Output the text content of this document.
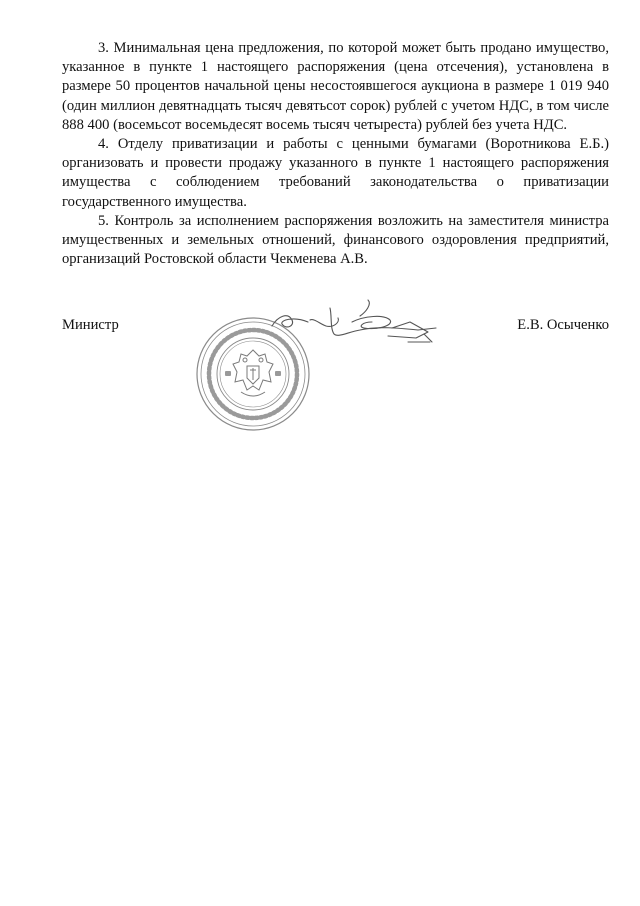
3. Минимальная цена предложения, по которой может быть продано имущество, указанное в пункте 1 настоящего распоряжения (цена отсечения), установлена в размере 50 процентов начальной цены несостоявшегося аукциона в размере 1 019 940 (один миллион девятнадцать тысяч девятьсот сорок) рублей с учетом НДС, в том числе 888 400 (восемьсот восемьдесят восемь тысяч четыреста) рублей без учета НДС.

4. Отделу приватизации и работы с ценными бумагами (Воротникова Е.Б.) организовать и провести продажу указанного в пункте 1 настоящего распоряжения имущества с соблюдением требований законодательства о приватизации государственного имущества.

5. Контроль за исполнением распоряжения возложить на заместителя министра имущественных и земельных отношений, финансового оздоровления предприятий, организаций Ростовской области Чекменева А.В.

Министр	Е.В. Осыченко
